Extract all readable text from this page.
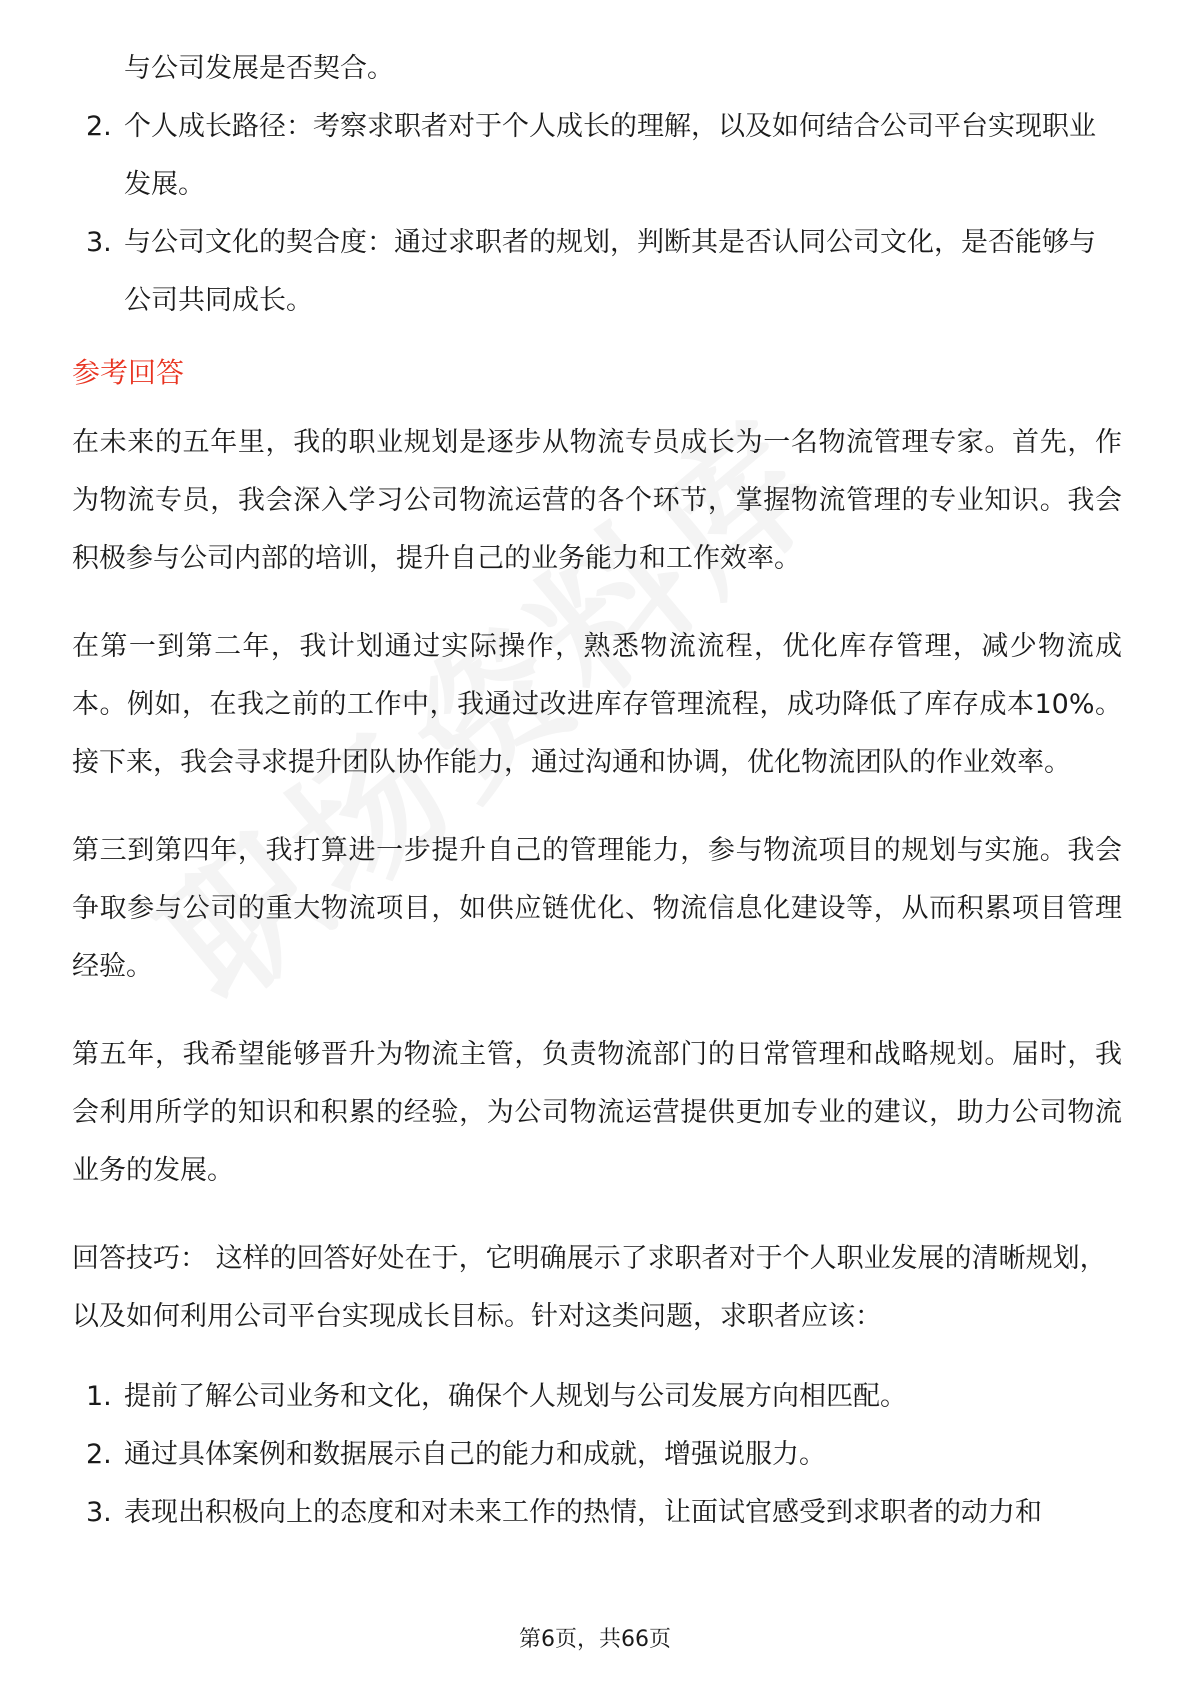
与公司发展是否契合。
2. 个人成长路径：考察求职者对于个人成长的理解，以及如何结合公司平台实现职业发展。
3. 与公司文化的契合度：通过求职者的规划，判断其是否认同公司文化，是否能够与公司共同成长。
参考回答

在未来的五年里，我的职业规划是逐步从物流专员成长为一名物流管理专家。首先，作为物流专员，我会深入学习公司物流运营的各个环节，掌握物流管理的专业知识。我会积极参与公司内部的培训，提升自己的业务能力和工作效率。

在第一到第二年，我计划通过实际操作，熟悉物流流程，优化库存管理，减少物流成本。例如，在我之前的工作中，我通过改进库存管理流程，成功降低了库存成本10%。接下来，我会寻求提升团队协作能力，通过沟通和协调，优化物流团队的作业效率。

第三到第四年，我打算进一步提升自己的管理能力，参与物流项目的规划与实施。我会争取参与公司的重大物流项目，如供应链优化、物流信息化建设等，从而积累项目管理经验。

第五年，我希望能够晋升为物流主管，负责物流部门的日常管理和战略规划。届时，我会利用所学的知识和积累的经验，为公司物流运营提供更加专业的建议，助力公司物流业务的发展。

回答技巧： 这样的回答好处在于，它明确展示了求职者对于个人职业发展的清晰规划，以及如何利用公司平台实现成长目标。针对这类问题，求职者应该：

1. 提前了解公司业务和文化，确保个人规划与公司发展方向相匹配。
2. 通过具体案例和数据展示自己的能力和成就，增强说服力。
3. 表现出积极向上的态度和对未来工作的热情，让面试官感受到求职者的动力和
第6页，共66页
